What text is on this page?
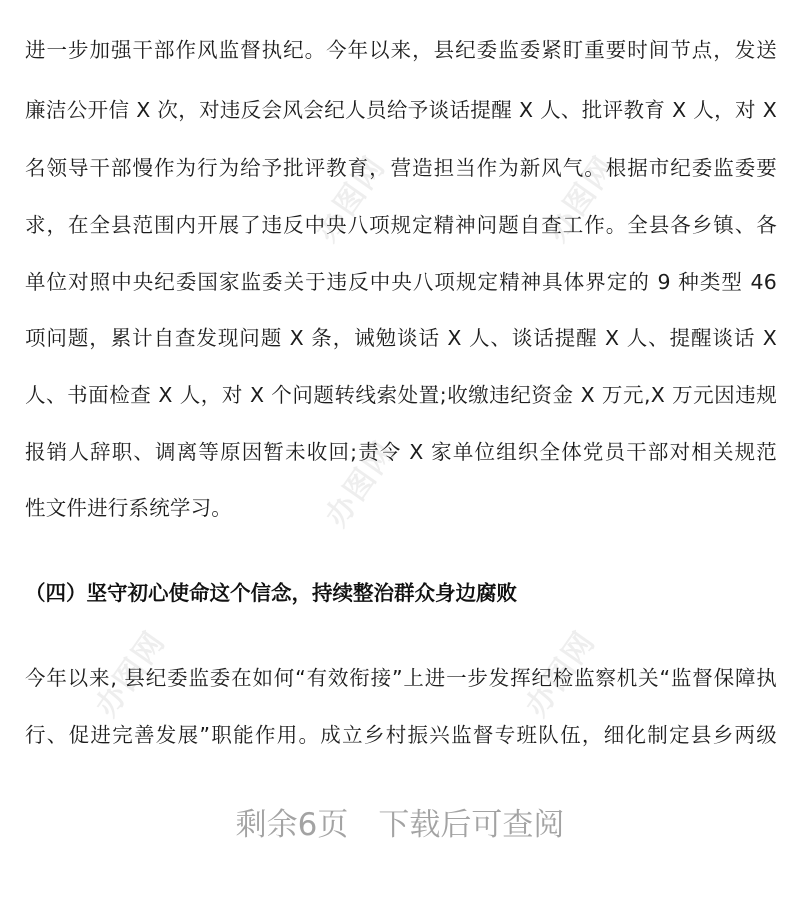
办图网	办图网
办图网
办图网	办图网
进一步加强干部作风监督执纪。今年以来，县纪委监委紧盯重要时间节点，发送
廉洁公开信 X 次，对违反会风会纪人员给予谈话提醒 X 人、批评教育 X 人，对 X
名领导干部慢作为行为给予批评教育，营造担当作为新风气。根据市纪委监委要
求，在全县范围内开展了违反中央八项规定精神问题自查工作。全县各乡镇、各
单位对照中央纪委国家监委关于违反中央八项规定精神具体界定的 9 种类型 46
项问题，累计自查发现问题 X 条，诫勉谈话 X 人、谈话提醒 X 人、提醒谈话 X
人、书面检查 X 人，对 X 个问题转线索处置;收缴违纪资金 X 万元,X 万元因违规
报销人辞职、调离等原因暂未收回;责令 X 家单位组织全体党员干部对相关规范
性文件进行系统学习。
（四）坚守初心使命这个信念，持续整治群众身边腐败
今年以来, 县纪委监委在如何“有效衔接”上进一步发挥纪检监察机关“监督保障执
行、促进完善发展”职能作用。成立乡村振兴监督专班队伍，细化制定县乡两级
剩余6页 下载后可查阅
